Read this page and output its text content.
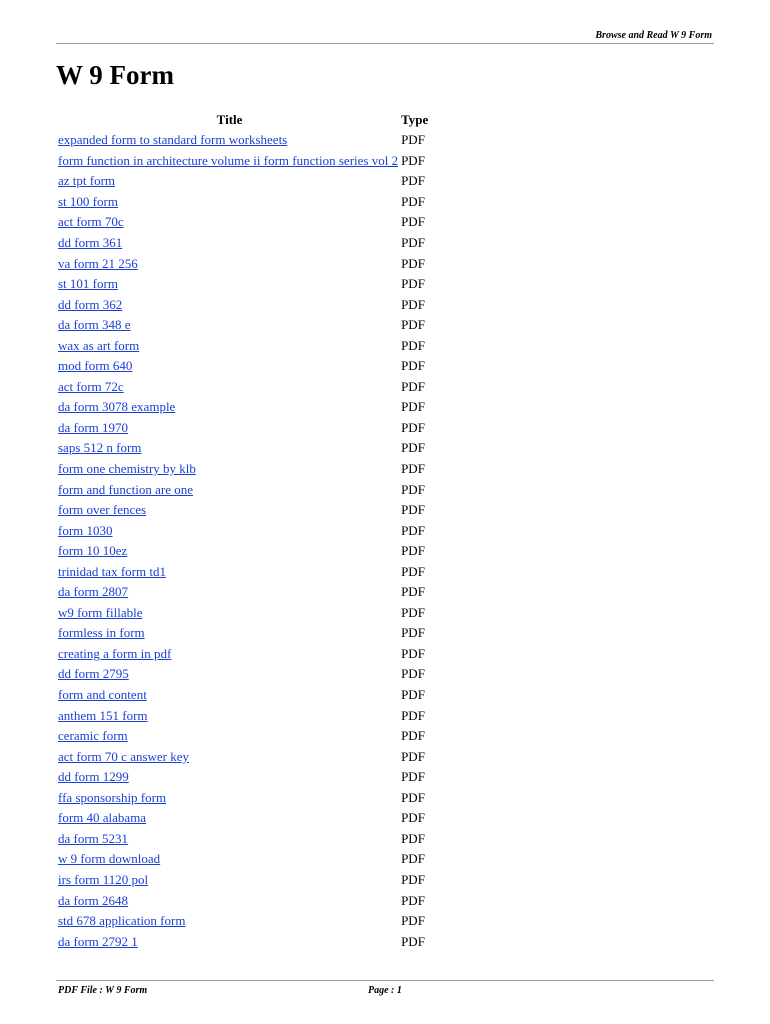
Browse and Read W 9 Form
W 9 Form
Title	Type
expanded form to standard form worksheets	PDF
form function in architecture volume ii form function series vol 2	PDF
az tpt form	PDF
st 100 form	PDF
act form 70c	PDF
dd form 361	PDF
va form 21 256	PDF
st 101 form	PDF
dd form 362	PDF
da form 348 e	PDF
wax as art form	PDF
mod form 640	PDF
act form 72c	PDF
da form 3078 example	PDF
da form 1970	PDF
saps 512 n form	PDF
form one chemistry by klb	PDF
form and function are one	PDF
form over fences	PDF
form 1030	PDF
form 10 10ez	PDF
trinidad tax form td1	PDF
da form 2807	PDF
w9 form fillable	PDF
formless in form	PDF
creating a form in pdf	PDF
dd form 2795	PDF
form and content	PDF
anthem 151 form	PDF
ceramic form	PDF
act form 70 c answer key	PDF
dd form 1299	PDF
ffa sponsorship form	PDF
form 40 alabama	PDF
da form 5231	PDF
w 9 form download	PDF
irs form 1120 pol	PDF
da form 2648	PDF
std 678 application form	PDF
da form 2792 1	PDF
PDF File : W 9 Form	Page : 1
